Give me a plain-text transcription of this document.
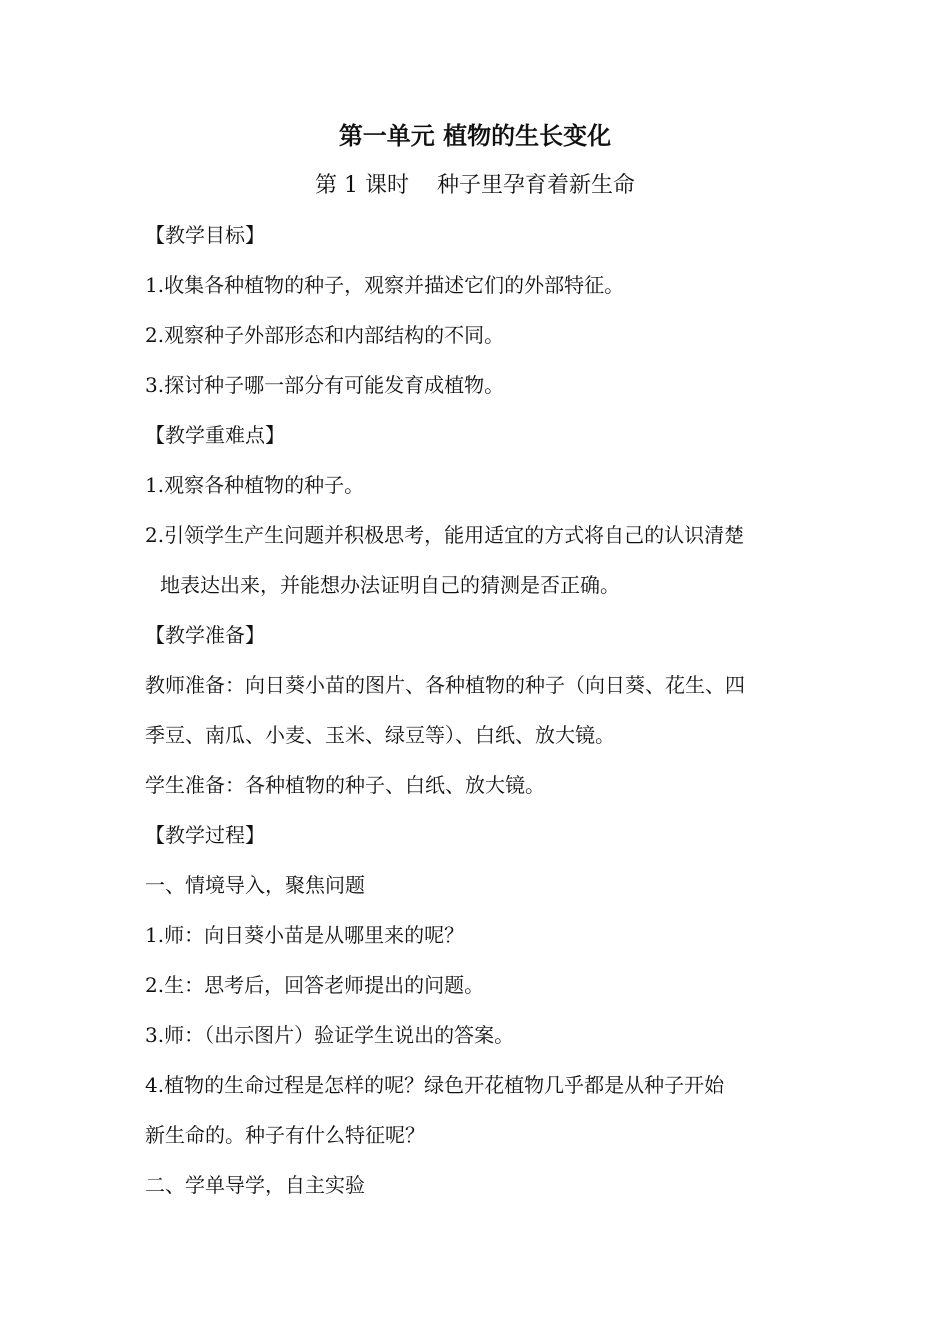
第一单元 植物的生长变化
第 1 课时    种子里孕育着新生命
【教学目标】
1.收集各种植物的种子，观察并描述它们的外部特征。
2.观察种子外部形态和内部结构的不同。
3.探讨种子哪一部分有可能发育成植物。
【教学重难点】
1.观察各种植物的种子。
2.引领学生产生问题并积极思考，能用适宜的方式将自己的认识清楚
地表达出来，并能想办法证明自己的猜测是否正确。
【教学准备】
教师准备：向日葵小苗的图片、各种植物的种子（向日葵、花生、四
季豆、南瓜、小麦、玉米、绿豆等）、白纸、放大镜。
学生准备：各种植物的种子、白纸、放大镜。
【教学过程】
一、情境导入，聚焦问题
1.师：向日葵小苗是从哪里来的呢？
2.生：思考后，回答老师提出的问题。
3.师：（出示图片）验证学生说出的答案。
4.植物的生命过程是怎样的呢？绿色开花植物几乎都是从种子开始
新生命的。种子有什么特征呢？
二、学单导学，自主实验
